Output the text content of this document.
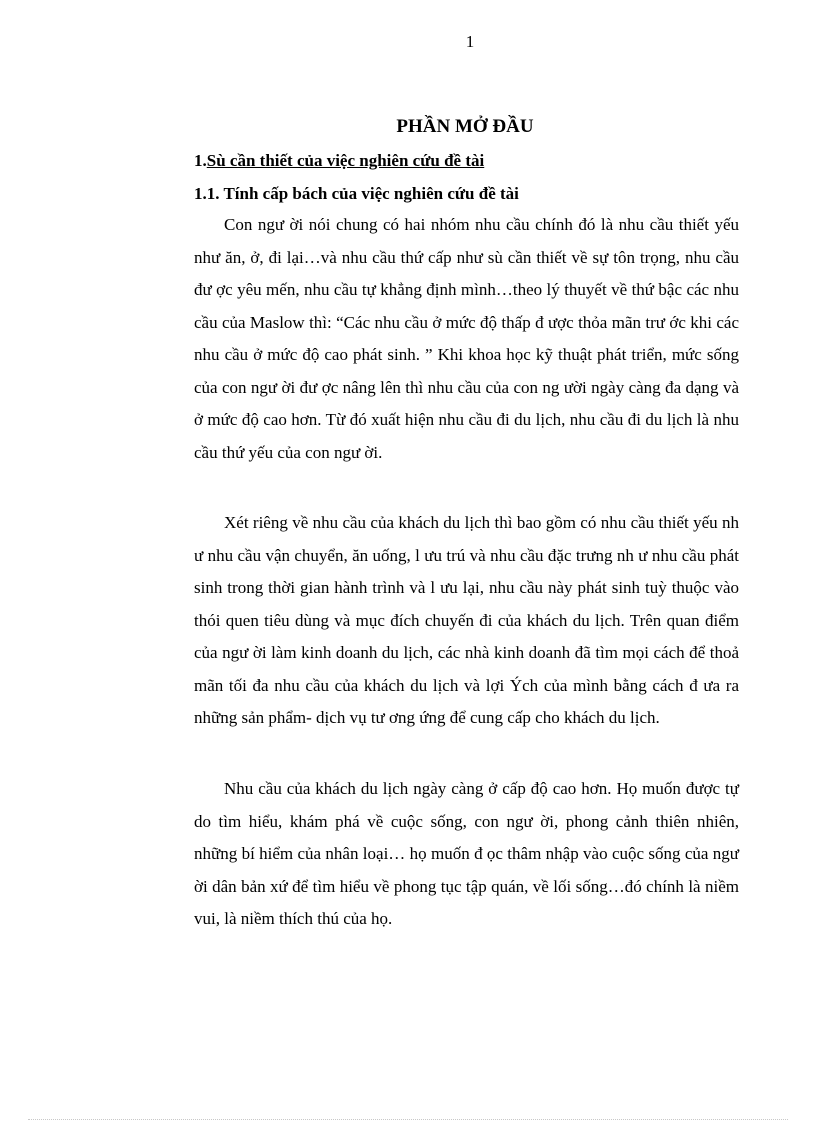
1
PHẦN MỞ ĐẦU
1.Sù cần thiết của việc nghiên cứu đề tài
1.1. Tính cấp bách của việc nghiên cứu đề tài

Con ngư ời nói chung có hai nhóm nhu cầu chính đó là nhu cầu thiết yếu như ăn, ở, đi lại…và nhu cầu thứ cấp như sù cần thiết về sự tôn trọng, nhu cầu đư ợc yêu mến, nhu cầu tự khẳng định mình…theo lý thuyết về thứ bậc các nhu cầu của Maslow thì: “Các nhu cầu ở mức độ thấp đ ược thỏa mãn trư ớc khi các nhu cầu ở mức độ cao phát sinh. ” Khi khoa học kỹ thuật phát triển, mức sống của con ngư ời đư ợc nâng lên thì nhu cầu của con ng ười ngày càng đa dạng và ở mức độ cao hơn. Từ đó xuất hiện nhu cầu đi du lịch, nhu cầu đi du lịch là nhu cầu thứ yếu của con ngư ời.

Xét riêng về nhu cầu của khách du lịch thì bao gồm có nhu cầu thiết yếu nh ư nhu cầu vận chuyển, ăn uống, l ưu trú và nhu cầu đặc trưng nh ư nhu cầu phát sinh trong thời gian hành trình và l ưu lại, nhu cầu này phát sinh tuỳ thuộc vào thói quen tiêu dùng và mục đích chuyến đi của khách du lịch. Trên quan điểm của ngư ời làm kinh doanh du lịch, các nhà kinh doanh đã tìm mọi cách để thoả mãn tối đa nhu cầu của khách du lịch và lợi Ých của mình bằng cách đ ưa ra những sản phẩm- dịch vụ tư ơng ứng để cung cấp cho khách du lịch.

Nhu cầu của khách du lịch ngày càng ở cấp độ cao hơn. Họ muốn được tự do tìm hiểu, khám phá về cuộc sống, con ngư ời, phong cảnh thiên nhiên, những bí hiểm của nhân loại… họ muốn đ ọc thâm nhập vào cuộc sống của ngư ời dân bản xứ để tìm hiểu về phong tục tập quán, về lối sống…đó chính là niềm vui, là niềm thích thú của họ.
